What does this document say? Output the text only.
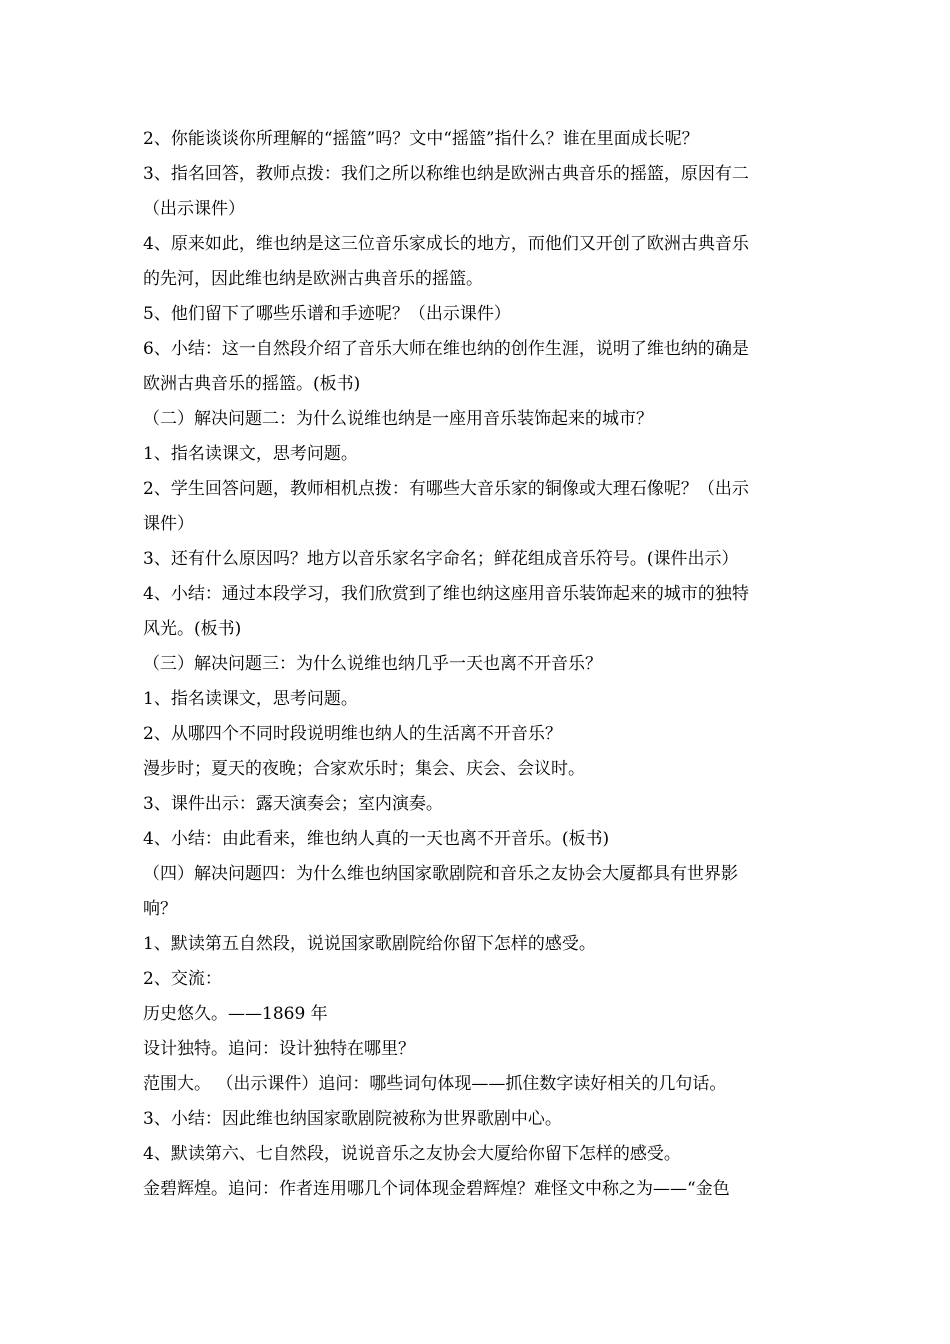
2、你能谈谈你所理解的“摇篮”吗？文中“摇篮”指什么？谁在里面成长呢？
3、指名回答，教师点拨：我们之所以称维也纳是欧洲古典音乐的摇篮，原因有二
（出示课件）
4、原来如此，维也纳是这三位音乐家成长的地方，而他们又开创了欧洲古典音乐
的先河，因此维也纳是欧洲古典音乐的摇篮。
5、他们留下了哪些乐谱和手迹呢？（出示课件）
6、小结：这一自然段介绍了音乐大师在维也纳的创作生涯，说明了维也纳的确是
欧洲古典音乐的摇篮。(板书)
（二）解决问题二：为什么说维也纳是一座用音乐装饰起来的城市？
1、指名读课文，思考问题。
2、学生回答问题，教师相机点拨：有哪些大音乐家的铜像或大理石像呢？（出示
课件）
3、还有什么原因吗？地方以音乐家名字命名；鲜花组成音乐符号。(课件出示）
4、小结：通过本段学习，我们欣赏到了维也纳这座用音乐装饰起来的城市的独特
风光。(板书)
（三）解决问题三：为什么说维也纳几乎一天也离不开音乐？
1、指名读课文，思考问题。
2、从哪四个不同时段说明维也纳人的生活离不开音乐？
漫步时；夏天的夜晚；合家欢乐时；集会、庆会、会议时。
3、课件出示：露天演奏会；室内演奏。
4、小结：由此看来，维也纳人真的一天也离不开音乐。(板书)
（四）解决问题四：为什么维也纳国家歌剧院和音乐之友协会大厦都具有世界影
响？
1、默读第五自然段，说说国家歌剧院给你留下怎样的感受。
2、交流：
历史悠久。——1869 年
设计独特。追问：设计独特在哪里？
范围大。 （出示课件）追问：哪些词句体现——抓住数字读好相关的几句话。
3、小结：因此维也纳国家歌剧院被称为世界歌剧中心。
4、默读第六、七自然段，说说音乐之友协会大厦给你留下怎样的感受。
金碧辉煌。追问：作者连用哪几个词体现金碧辉煌？难怪文中称之为——“金色
